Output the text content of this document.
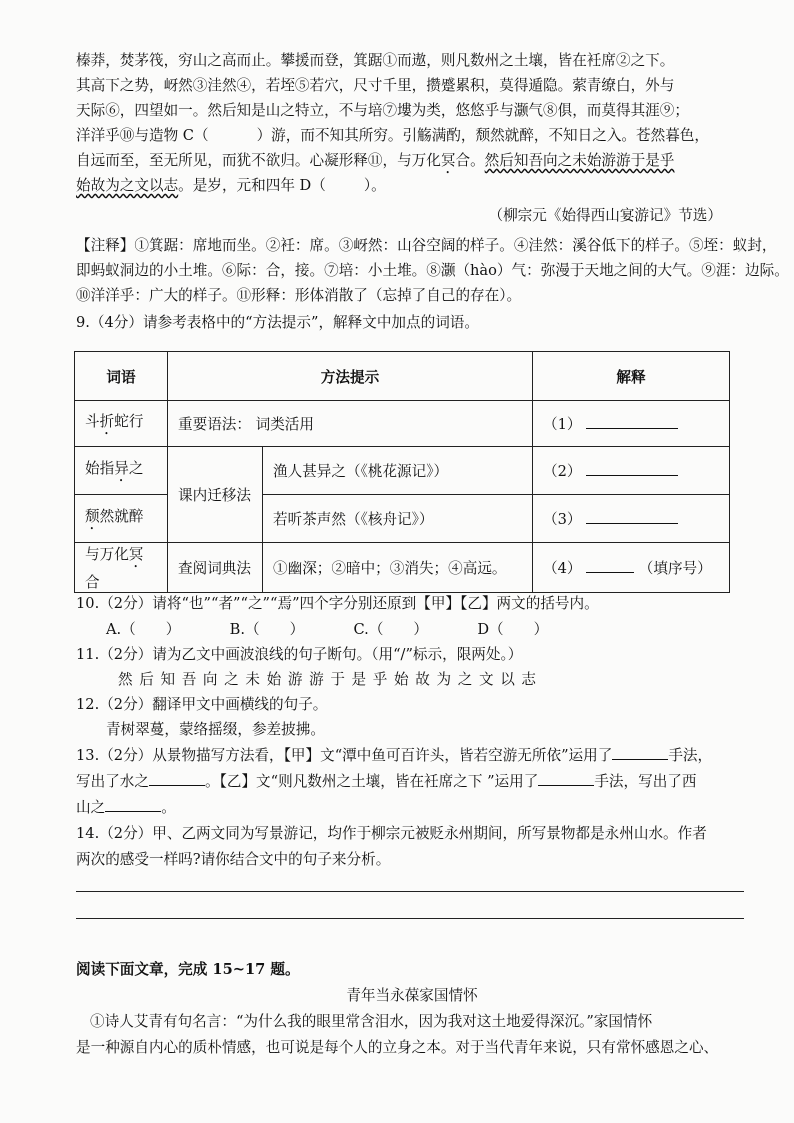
榛莽，焚茅筏，穷山之高而止。攀援而登，箕踞①而遨，则凡数州之土壤，皆在衽席②之下。
其高下之势，岈然③洼然④，若垤⑤若穴，尺寸千里，攒蹙累积，莫得遁隐。萦青缭白，外与
天际⑥，四望如一。然后知是山之特立，不与培⑦塿为类，悠悠乎与灏气⑧俱，而莫得其涯⑨；
洋洋乎⑩与造物 C（	）游，而不知其所穷。引觞满酌，颓然就醉，不知日之入。苍然暮色，
自远而至，至无所见，而犹不欲归。心凝形释⑪，与万化冥合。然后知吾向之未始游游于是乎
始故为之文以志。是岁，元和四年 D（	）。
（柳宗元《始得西山宴游记》节选）
【注释】①箕踞：席地而坐。②衽：席。③岈然：山谷空阔的样子。④洼然：溪谷低下的样子。⑤垤：蚁封，
即蚂蚁洞边的小土堆。⑥际：合，接。⑦培：小土堆。⑧灏（hào）气：弥漫于天地之间的大气。⑨涯：边际。
⑩洋洋乎：广大的样子。⑪形释：形体消散了（忘掉了自己的存在）。
9.（4分）请参考表格中的“方法提示”，解释文中加点的词语。
词语	方法提示		解释
斗折蛇行	重要语法： 词类活用		（1）
始指异之	课内迁移法	渔人甚异之（《桃花源记》）	（2）
颓然就醉		若听茶声然（《核舟记》）	（3）
与万化冥合	查阅词典法	①幽深；②暗中；③消失；④高远。	（4） （填序号）
10.（2分）请将“也”“者”“之”“焉”四个字分别还原到【甲】【乙】两文的括号内。
A.（ ）	B.（ ）	C.（ ）	D（ ）
11.（2分）请为乙文中画波浪线的句子断句。（用“/”标示，限两处。）
然 后 知 吾 向 之 未 始 游 游 于 是 乎 始 故 为 之 文 以 志
12.（2分）翻译甲文中画横线的句子。
青树翠蔓，蒙络摇缀，参差披拂。
13.（2分）从景物描写方法看，【甲】文“潭中鱼可百许头，皆若空游无所依”运用了	手法，
写出了水之	。【乙】文“则凡数州之土壤，皆在衽席之下 ”运用了	手法，写出了西
山之	。
14.（2分）甲、乙两文同为写景游记，均作于柳宗元被贬永州期间，所写景物都是永州山水。作者
两次的感受一样吗?请你结合文中的句子来分析。
阅读下面文章，完成 15~17 题。
青年当永葆家国情怀
①诗人艾青有句名言：“为什么我的眼里常含泪水，因为我对这土地爱得深沉。”家国情怀
是一种源自内心的质朴情感，也可说是每个人的立身之本。对于当代青年来说，只有常怀感恩之心、
